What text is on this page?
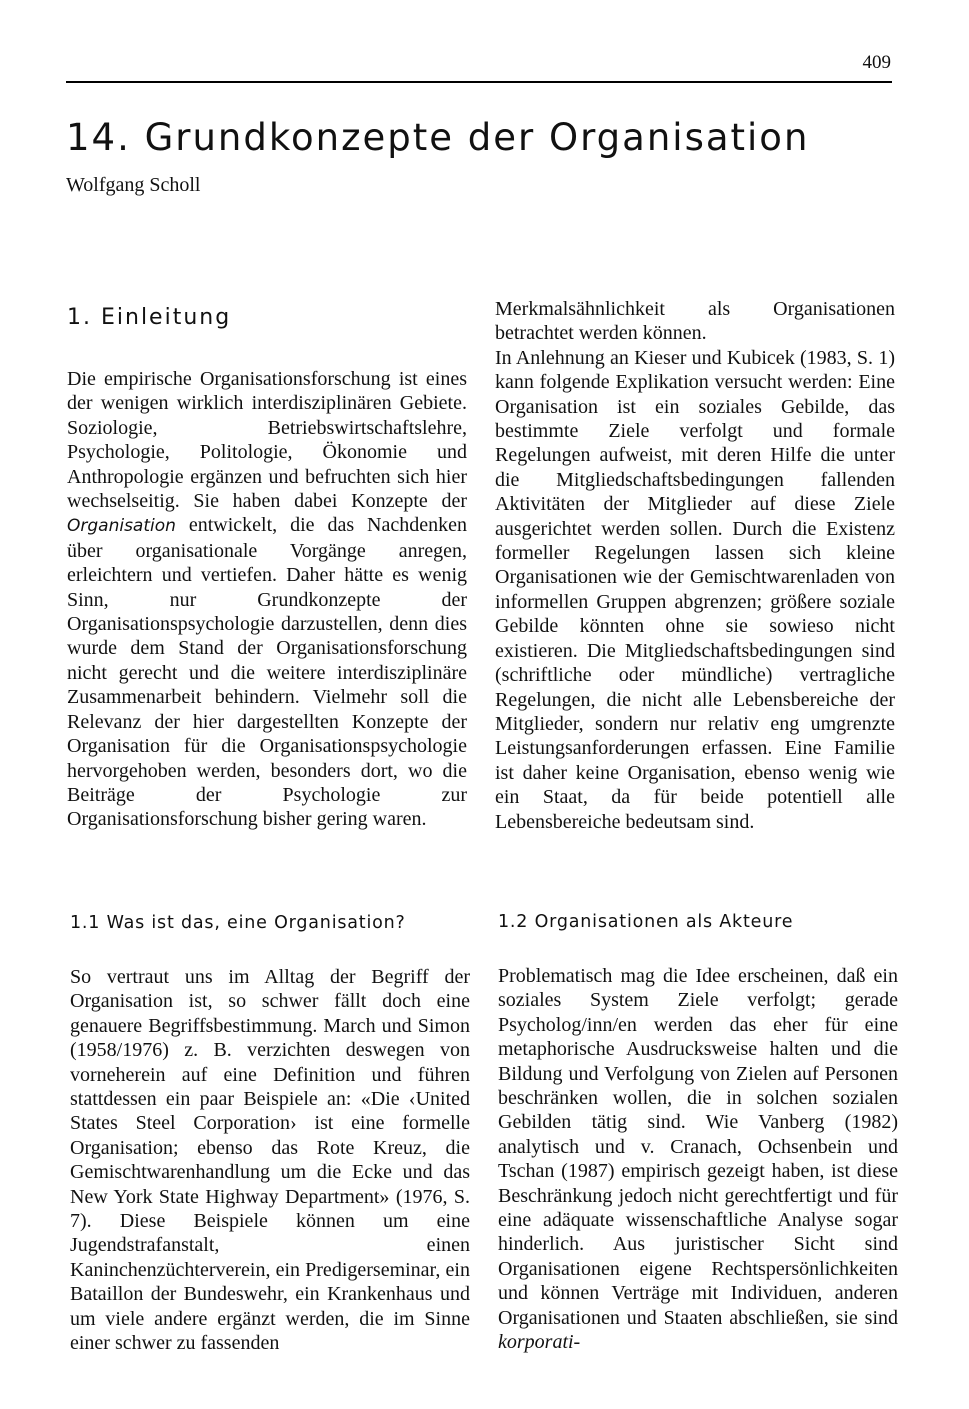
409
14. Grundkonzepte der Organisation
Wolfgang Scholl
1. Einleitung

Die empirische Organisationsforschung ist eines der wenigen wirklich interdisziplinären Gebiete. Soziologie, Betriebswirtschaftslehre, Psychologie, Politologie, Ökonomie und Anthropologie ergänzen und befruchten sich hier wechselseitig. Sie haben dabei Konzepte der Organisation entwickelt, die das Nachdenken über organisationale Vorgänge anregen, erleichtern und vertiefen. Daher hätte es wenig Sinn, nur Grundkonzepte der Organisationspsychologie darzustellen, denn dies wurde dem Stand der Organisationsforschung nicht gerecht und die weitere interdisziplinäre Zusammenarbeit behindern. Vielmehr soll die Relevanz der hier dargestellten Konzepte der Organisation für die Organisationspsychologie hervorgehoben werden, besonders dort, wo die Beiträge der Psychologie zur Organisationsforschung bisher gering waren.

Merkmalsähnlichkeit als Organisationen betrachtet werden können.

In Anlehnung an Kieser und Kubicek (1983, S. 1) kann folgende Explikation versucht werden: Eine Organisation ist ein soziales Gebilde, das bestimmte Ziele verfolgt und formale Regelungen aufweist, mit deren Hilfe die unter die Mitgliedschaftsbedingungen fallenden Aktivitäten der Mitglieder auf diese Ziele ausgerichtet werden sollen. Durch die Existenz formeller Regelungen lassen sich kleine Organisationen wie der Gemischtwarenladen von informellen Gruppen abgrenzen; größere soziale Gebilde könnten ohne sie sowieso nicht existieren. Die Mitgliedschaftsbedingungen sind (schriftliche oder mündliche) vertragliche Regelungen, die nicht alle Lebensbereiche der Mitglieder, sondern nur relativ eng umgrenzte Leistungsanforderungen erfassen. Eine Familie ist daher keine Organisation, ebenso wenig wie ein Staat, da für beide potentiell alle Lebensbereiche bedeutsam sind.

1.1 Was ist das, eine Organisation?

So vertraut uns im Alltag der Begriff der Organisation ist, so schwer fällt doch eine genauere Begriffsbestimmung. March und Simon (1958/1976) z. B. verzichten deswegen von vorneherein auf eine Definition und führen stattdessen ein paar Beispiele an: «Die ‹United States Steel Corporation› ist eine formelle Organisation; ebenso das Rote Kreuz, die Gemischtwarenhandlung um die Ecke und das New York State Highway Department» (1976, S. 7). Diese Beispiele können um eine Jugendstrafanstalt, einen Kaninchenzüchterverein, ein Predigerseminar, ein Bataillon der Bundeswehr, ein Krankenhaus und um viele andere ergänzt werden, die im Sinne einer schwer zu fassenden

1.2 Organisationen als Akteure

Problematisch mag die Idee erscheinen, daß ein soziales System Ziele verfolgt; gerade Psycholog/inn/en werden das eher für eine metaphorische Ausdrucksweise halten und die Bildung und Verfolgung von Zielen auf Personen beschränken wollen, die in solchen sozialen Gebilden tätig sind. Wie Vanberg (1982) analytisch und v. Cranach, Ochsenbein und Tschan (1987) empirisch gezeigt haben, ist diese Beschränkung jedoch nicht gerechtfertigt und für eine adäquate wissenschaftliche Analyse sogar hinderlich. Aus juristischer Sicht sind Organisationen eigene Rechtspersönlichkeiten und können Verträge mit Individuen, anderen Organisationen und Staaten abschließen, sie sind korporati-
